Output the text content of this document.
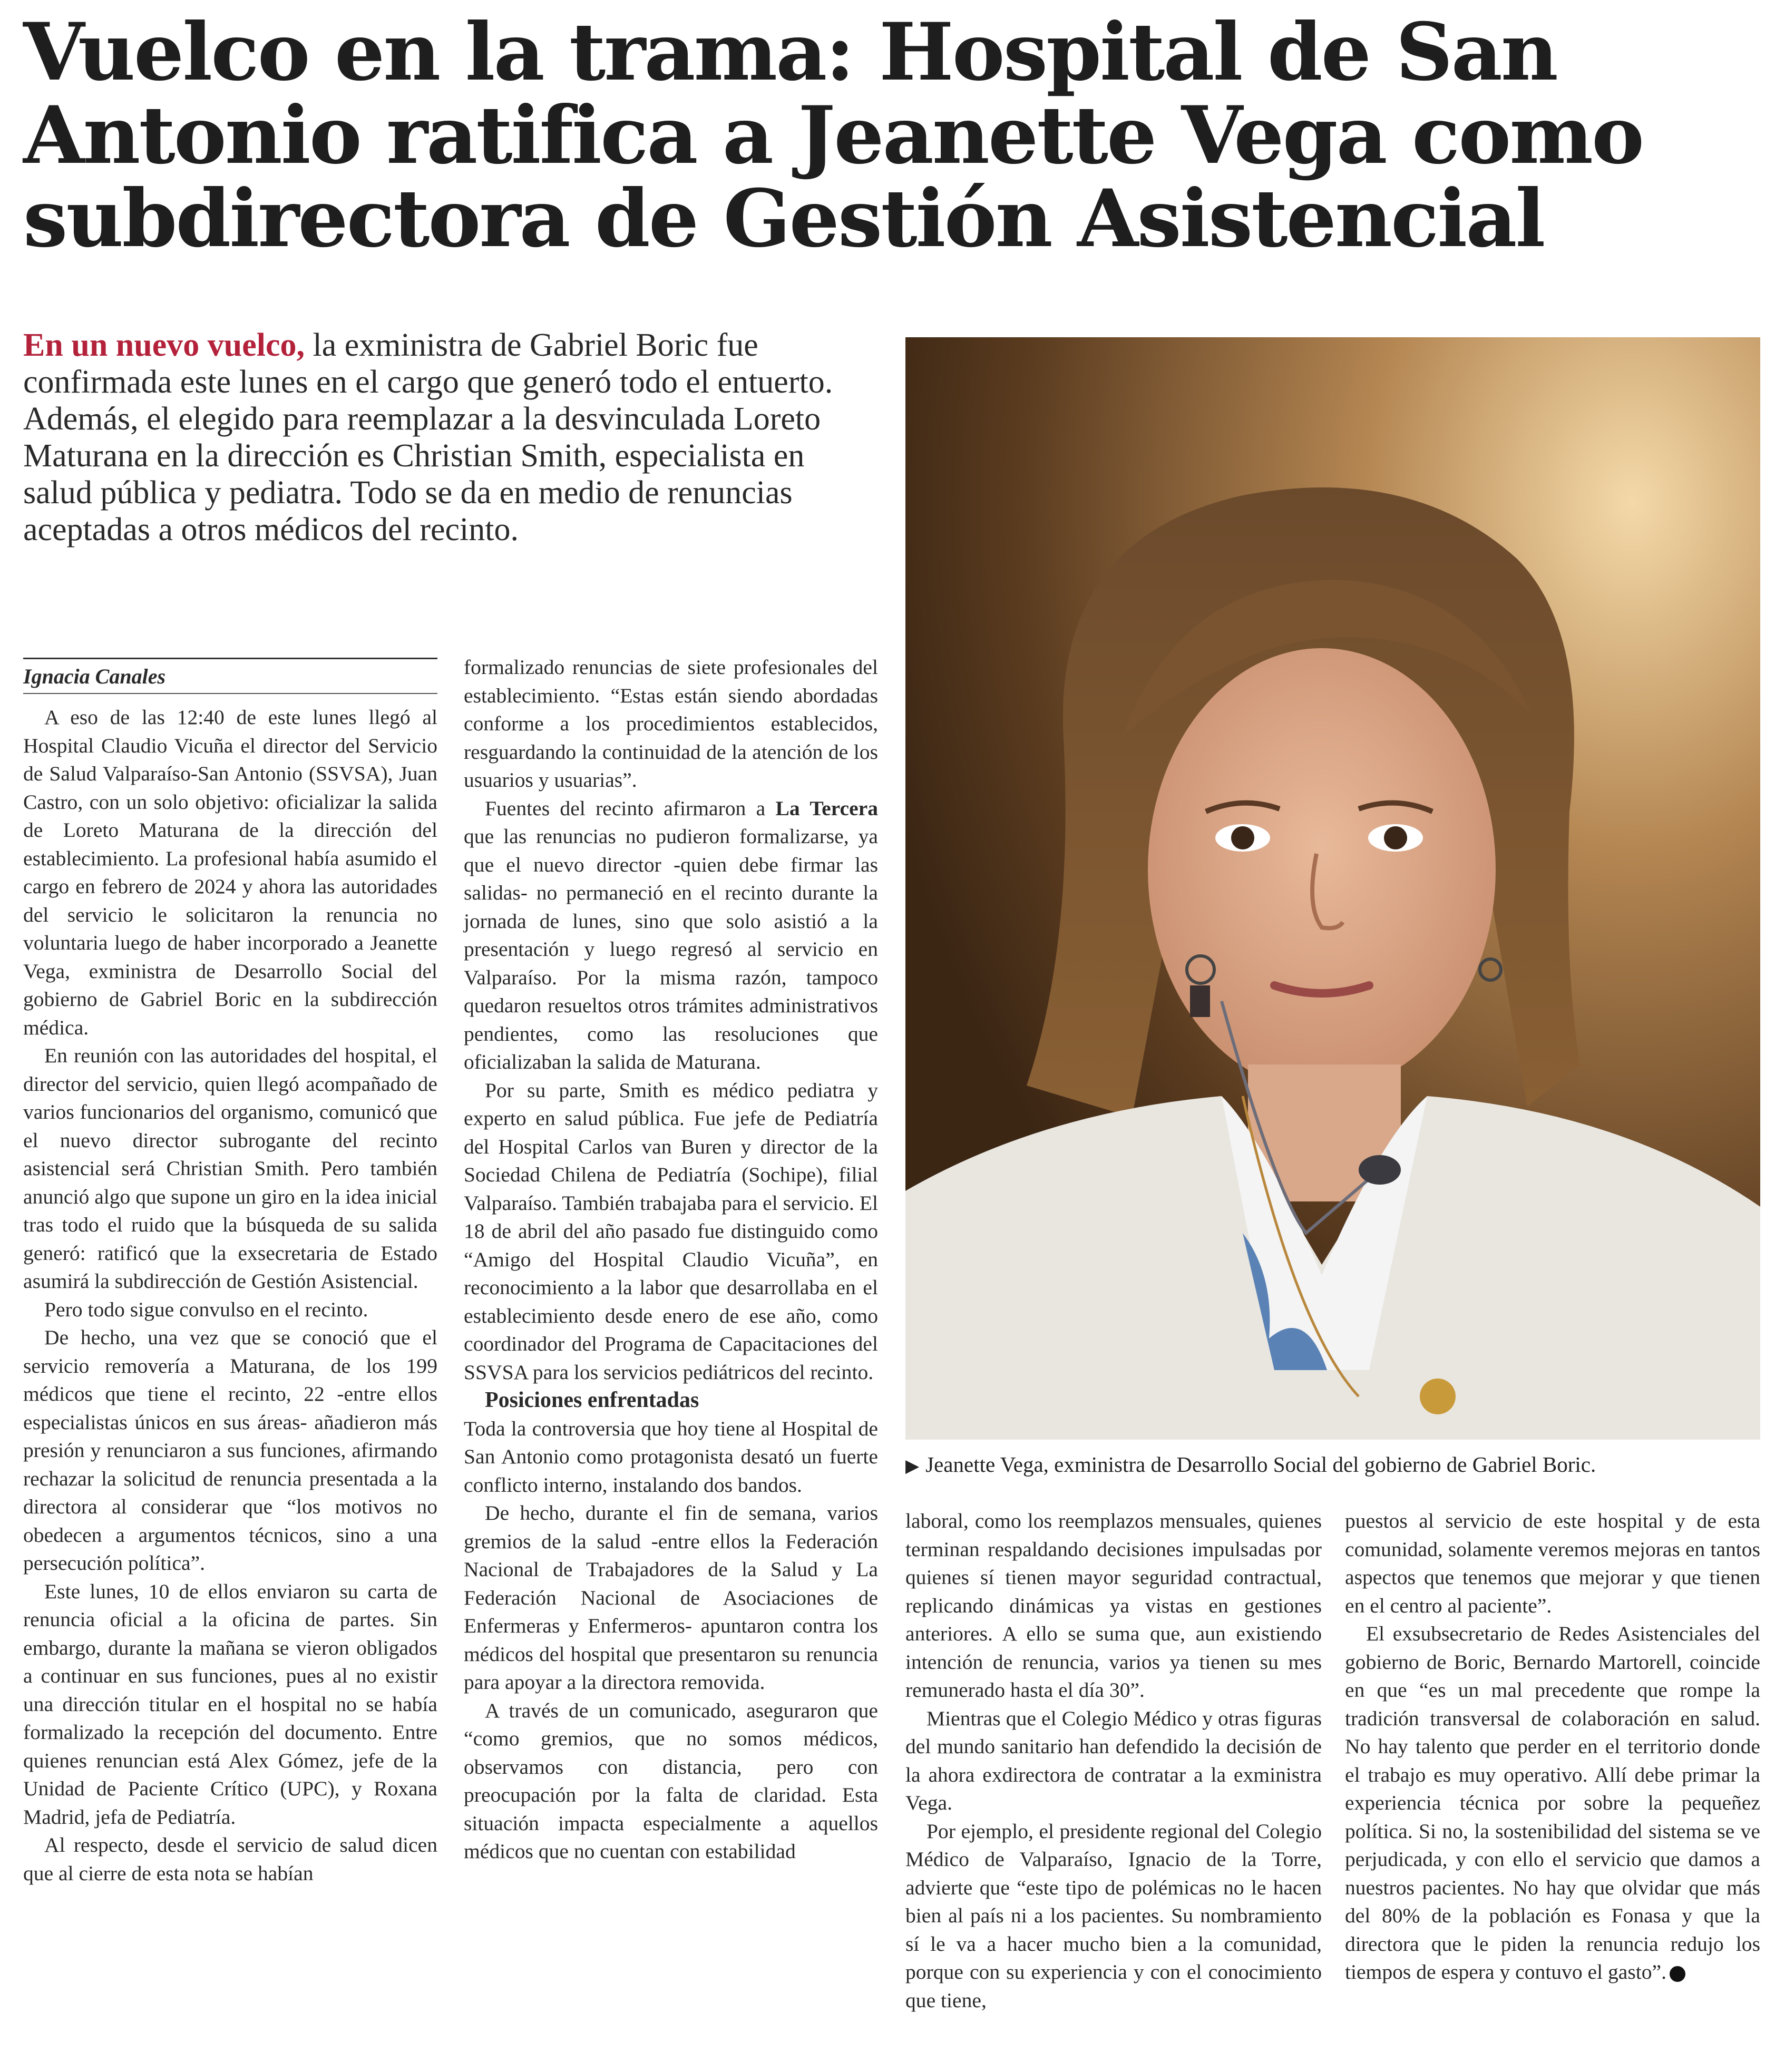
Vuelco en la trama: Hospital de San Antonio ratifica a Jeanette Vega como subdirectora de Gestión Asistencial
En un nuevo vuelco, la exministra de Gabriel Boric fue confirmada este lunes en el cargo que generó todo el entuerto. Además, el elegido para reemplazar a la desvinculada Loreto Maturana en la dirección es Christian Smith, especialista en salud pública y pediatra. Todo se da en medio de renuncias aceptadas a otros médicos del recinto.
▶ Jeanette Vega, exministra de Desarrollo Social del gobierno de Gabriel Boric.
Ignacia Canales

A eso de las 12:40 de este lunes llegó al Hospital Claudio Vicuña el director del Servicio de Salud Valparaíso-San Antonio (SSVSA), Juan Castro, con un solo objetivo: oficializar la salida de Loreto Maturana de la dirección del establecimiento. La profesional había asumido el cargo en febrero de 2024 y ahora las autoridades del servicio le solicitaron la renuncia no voluntaria luego de haber incorporado a Jeanette Vega, exministra de Desarrollo Social del gobierno de Gabriel Boric en la subdirección médica.

En reunión con las autoridades del hospital, el director del servicio, quien llegó acompañado de varios funcionarios del organismo, comunicó que el nuevo director subrogante del recinto asistencial será Christian Smith. Pero también anunció algo que supone un giro en la idea inicial tras todo el ruido que la búsqueda de su salida generó: ratificó que la exsecretaria de Estado asumirá la subdirección de Gestión Asistencial.

Pero todo sigue convulso en el recinto.

De hecho, una vez que se conoció que el servicio removería a Maturana, de los 199 médicos que tiene el recinto, 22 -entre ellos especialistas únicos en sus áreas- añadieron más presión y renunciaron a sus funciones, afirmando rechazar la solicitud de renuncia presentada a la directora al considerar que “los motivos no obedecen a argumentos técnicos, sino a una persecución política”.

Este lunes, 10 de ellos enviaron su carta de renuncia oficial a la oficina de partes. Sin embargo, durante la mañana se vieron obligados a continuar en sus funciones, pues al no existir una dirección titular en el hospital no se había formalizado la recepción del documento. Entre quienes renuncian está Alex Gómez, jefe de la Unidad de Paciente Crítico (UPC), y Roxana Madrid, jefa de Pediatría.

Al respecto, desde el servicio de salud dicen que al cierre de esta nota se habían

formalizado renuncias de siete profesionales del establecimiento. “Estas están siendo abordadas conforme a los procedimientos establecidos, resguardando la continuidad de la atención de los usuarios y usuarias”.

Fuentes del recinto afirmaron a La Tercera que las renuncias no pudieron formalizarse, ya que el nuevo director -quien debe firmar las salidas- no permaneció en el recinto durante la jornada de lunes, sino que solo asistió a la presentación y luego regresó al servicio en Valparaíso. Por la misma razón, tampoco quedaron resueltos otros trámites administrativos pendientes, como las resoluciones que oficializaban la salida de Maturana.

Por su parte, Smith es médico pediatra y experto en salud pública. Fue jefe de Pediatría del Hospital Carlos van Buren y director de la Sociedad Chilena de Pediatría (Sochipe), filial Valparaíso. También trabajaba para el servicio. El 18 de abril del año pasado fue distinguido como “Amigo del Hospital Claudio Vicuña”, en reconocimiento a la labor que desarrollaba en el establecimiento desde enero de ese año, como coordinador del Programa de Capacitaciones del SSVSA para los servicios pediátricos del recinto.

Posiciones enfrentadas

Toda la controversia que hoy tiene al Hospital de San Antonio como protagonista desató un fuerte conflicto interno, instalando dos bandos.

De hecho, durante el fin de semana, varios gremios de la salud -entre ellos la Federación Nacional de Trabajadores de la Salud y La Federación Nacional de Asociaciones de Enfermeras y Enfermeros- apuntaron contra los médicos del hospital que presentaron su renuncia para apoyar a la directora removida.

A través de un comunicado, aseguraron que “como gremios, que no somos médicos, observamos con distancia, pero con preocupación por la falta de claridad. Esta situación impacta especialmente a aquellos médicos que no cuentan con estabilidad

laboral, como los reemplazos mensuales, quienes terminan respaldando decisiones impulsadas por quienes sí tienen mayor seguridad contractual, replicando dinámicas ya vistas en gestiones anteriores. A ello se suma que, aun existiendo intención de renuncia, varios ya tienen su mes remunerado hasta el día 30”.

Mientras que el Colegio Médico y otras figuras del mundo sanitario han defendido la decisión de la ahora exdirectora de contratar a la exministra Vega.

Por ejemplo, el presidente regional del Colegio Médico de Valparaíso, Ignacio de la Torre, advierte que “este tipo de polémicas no le hacen bien al país ni a los pacientes. Su nombramiento sí le va a hacer mucho bien a la comunidad, porque con su experiencia y con el conocimiento que tiene,

puestos al servicio de este hospital y de esta comunidad, solamente veremos mejoras en tantos aspectos que tenemos que mejorar y que tienen en el centro al paciente”.

El exsubsecretario de Redes Asistenciales del gobierno de Boric, Bernardo Martorell, coincide en que “es un mal precedente que rompe la tradición transversal de colaboración en salud. No hay talento que perder en el territorio donde el trabajo es muy operativo. Allí debe primar la experiencia técnica por sobre la pequeñez política. Si no, la sostenibilidad del sistema se ve perjudicada, y con ello el servicio que damos a nuestros pacientes. No hay que olvidar que más del 80% de la población es Fonasa y que la directora que le piden la renuncia redujo los tiempos de espera y contuvo el gasto”.
